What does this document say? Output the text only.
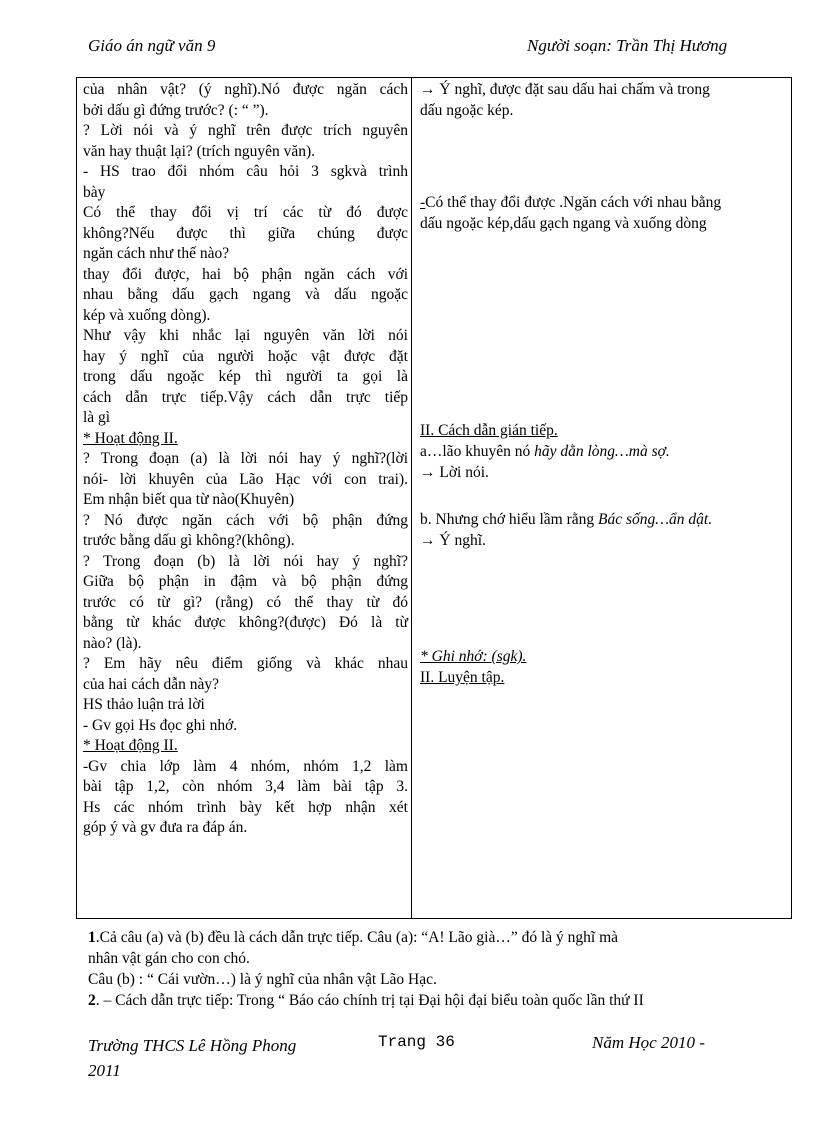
Giáo án ngữ văn 9	Người soạn: Trần Thị Hương
của nhân vật? (ý nghĩ).Nó được ngăn cách
bởi dấu gì đứng trước? (: “ ”).
? Lời nói và ý nghĩ trên được trích nguyên
văn hay thuật lại? (trích nguyên văn).
- HS trao đổi nhóm câu hỏi 3 sgkvà trình
bày
Có thể thay đổi vị trí các từ đó được
không?Nếu được thì giữa chúng được
ngăn cách như thế nào?
thay đổi được, hai bộ phận ngăn cách với
nhau bằng dấu gạch ngang và dấu ngoặc
kép và xuống dòng).
Như vậy khi nhắc lại nguyên văn lời nói
hay ý nghĩ của người hoặc vật được đặt
trong dấu ngoặc kép thì người ta gọi là
cách dẫn trực tiếp.Vậy cách dẫn trực tiếp
là gì
* Hoạt động II.
? Trong đoạn (a) là lời nói hay ý nghĩ?(lời
nói- lời khuyên của Lão Hạc với con trai).
Em nhận biết qua từ nào(Khuyên)
? Nó được ngăn cách với bộ phận đứng
trước bằng dấu gì không?(không).
? Trong đoạn (b) là lời nói hay ý nghĩ?
Giữa bộ phận in đậm và bộ phận đứng
trước có từ gì? (rằng) có thể thay từ đó
bằng từ khác được không?(được) Đó là từ
nào? (là).
? Em hãy nêu điểm giống và khác nhau
của hai cách dẫn này?
HS thảo luận trả lời
- Gv gọi Hs đọc ghi nhớ.
* Hoạt động II.
-Gv chia lớp làm 4 nhóm, nhóm 1,2 làm
bài tập 1,2, còn nhóm 3,4 làm bài tập 3.
Hs các nhóm trình bày kết hợp nhận xét
góp ý và gv đưa ra đáp án.
→ Ý nghĩ, được đặt sau dấu hai chấm và trong
dấu ngoặc kép.
-Có thể thay đổi được .Ngăn cách với nhau bằng
dấu ngoặc kép,dấu gạch ngang và xuống dòng
II. Cách dẫn gián tiếp.
a…lão khuyên nó hãy dằn lòng…mà sợ.
→ Lời nói.
b. Nhưng chớ hiểu lầm rằng Bác sống…ẩn dật.
→ Ý nghĩ.
* Ghi nhớ: (sgk).
II. Luyện tập.
1.Cả câu (a) và (b) đều là cách dẫn trực tiếp. Câu (a): “A! Lão già…” đó là ý nghĩ mà
nhân vật gán cho con chó.
Câu (b) : “ Cái vườn…) là ý nghĩ của nhân vật Lão Hạc.
2. – Cách dẫn trực tiếp: Trong “ Báo cáo chính trị tại Đại hội đại biểu toàn quốc lần thứ II
Trường THCS Lê Hồng Phong
2011
Trang 36	Năm Học 2010 -
